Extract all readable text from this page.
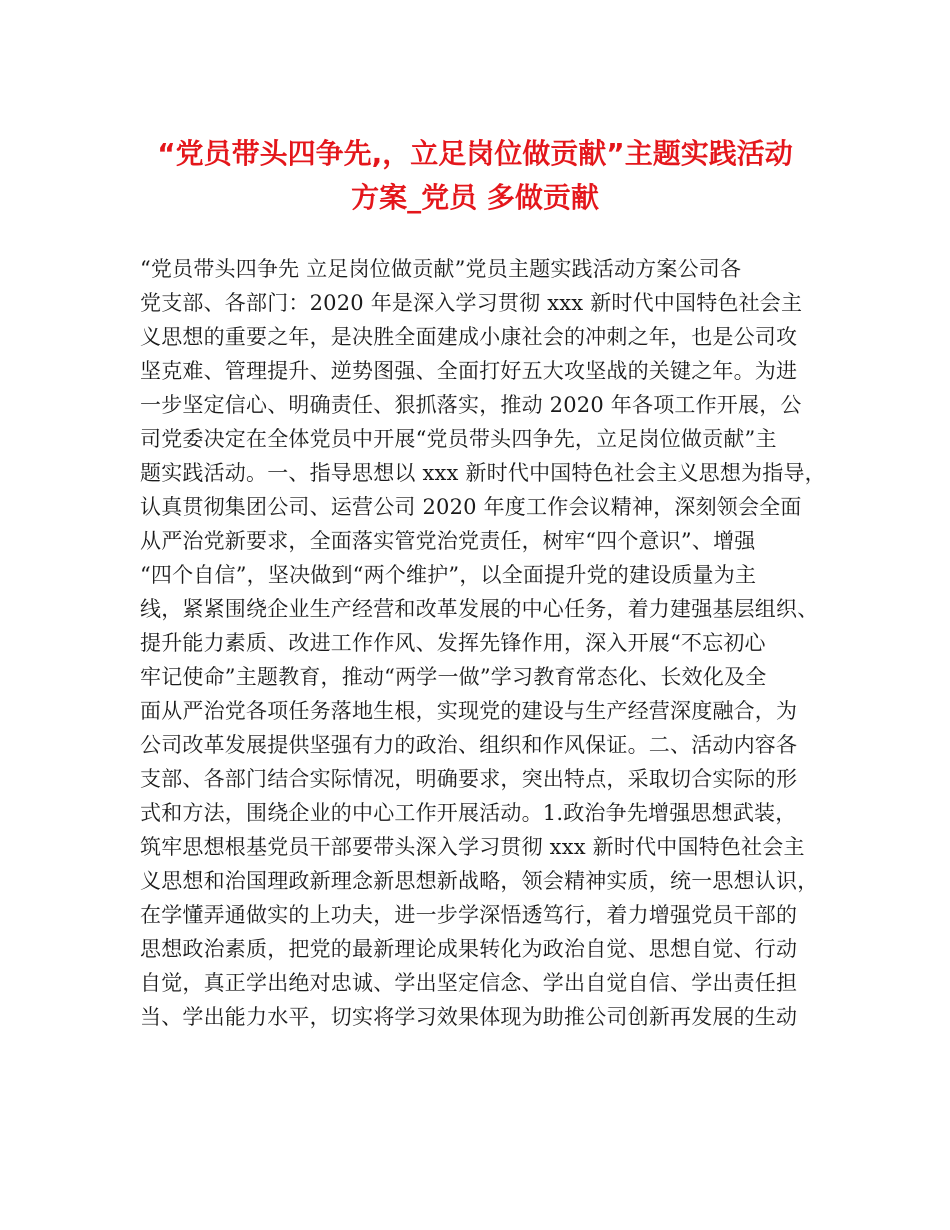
“党员带头四争先,，立足岗位做贡献”主题实践活动
方案_党员 多做贡献
“党员带头四争先 立足岗位做贡献”党员主题实践活动方案公司各
党支部、各部门：2020 年是深入学习贯彻 xxx 新时代中国特色社会主
义思想的重要之年，是决胜全面建成小康社会的冲刺之年，也是公司攻
坚克难、管理提升、逆势图强、全面打好五大攻坚战的关键之年。为进
一步坚定信心、明确责任、狠抓落实，推动 2020 年各项工作开展，公
司党委决定在全体党员中开展“党员带头四争先，立足岗位做贡献”主
题实践活动。一、指导思想以 xxx 新时代中国特色社会主义思想为指导，
认真贯彻集团公司、运营公司 2020 年度工作会议精神，深刻领会全面
从严治党新要求，全面落实管党治党责任，树牢“四个意识”、增强
“四个自信”，坚决做到“两个维护”，以全面提升党的建设质量为主
线，紧紧围绕企业生产经营和改革发展的中心任务，着力建强基层组织、
提升能力素质、改进工作作风、发挥先锋作用，深入开展“不忘初心
牢记使命”主题教育，推动“两学一做”学习教育常态化、长效化及全
面从严治党各项任务落地生根，实现党的建设与生产经营深度融合，为
公司改革发展提供坚强有力的政治、组织和作风保证。二、活动内容各
支部、各部门结合实际情况，明确要求，突出特点，采取切合实际的形
式和方法，围绕企业的中心工作开展活动。1.政治争先增强思想武装，
筑牢思想根基党员干部要带头深入学习贯彻 xxx 新时代中国特色社会主
义思想和治国理政新理念新思想新战略，领会精神实质，统一思想认识，
在学懂弄通做实的上功夫，进一步学深悟透笃行，着力增强党员干部的
思想政治素质，把党的最新理论成果转化为政治自觉、思想自觉、行动
自觉，真正学出绝对忠诚、学出坚定信念、学出自觉自信、学出责任担
当、学出能力水平，切实将学习效果体现为助推公司创新再发展的生动
